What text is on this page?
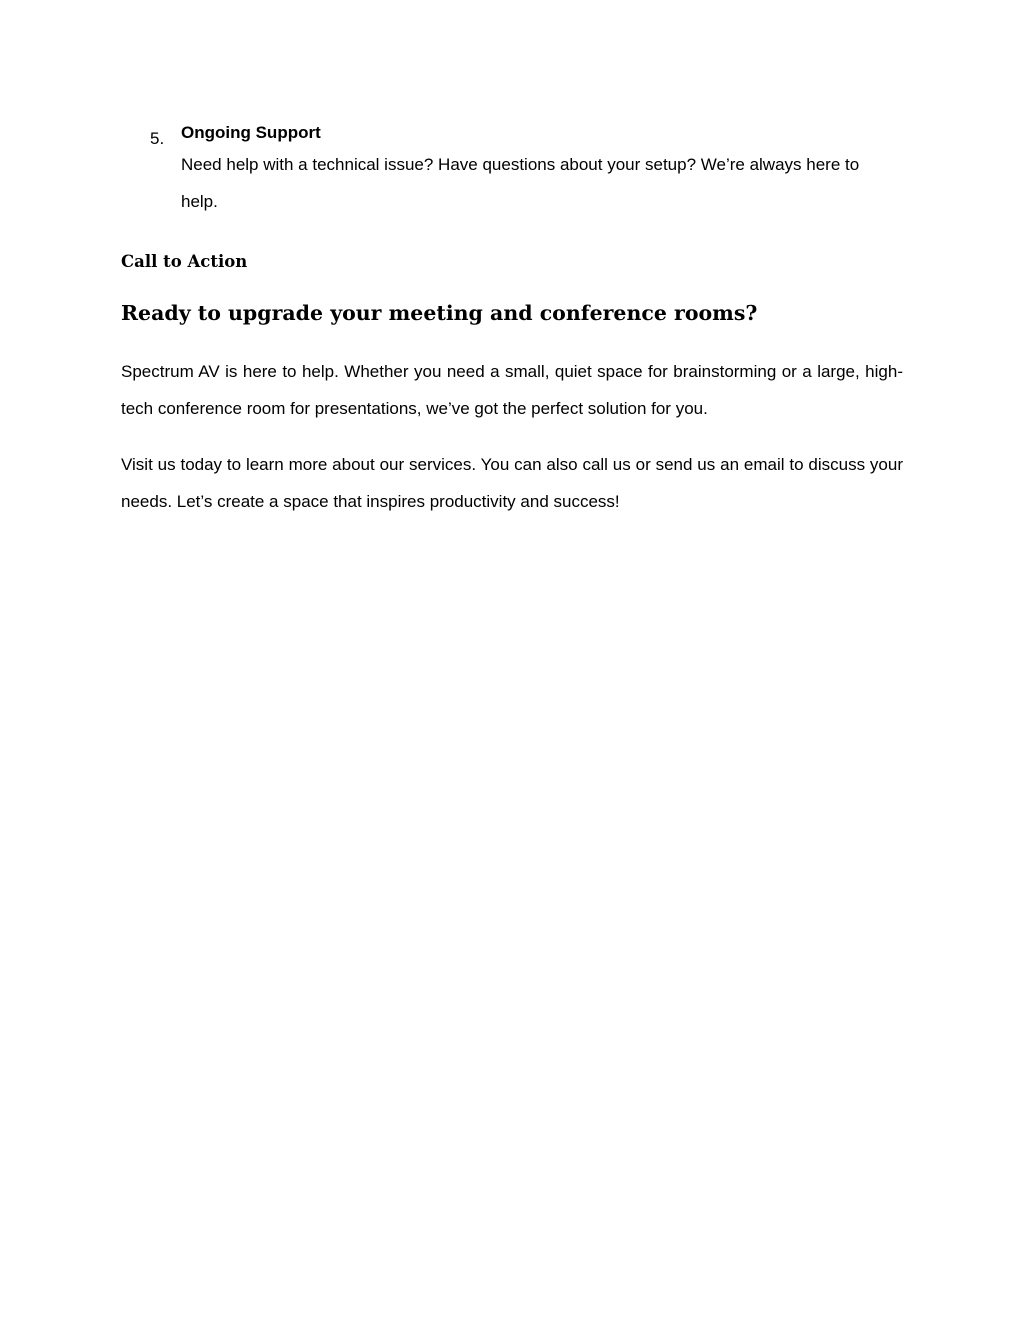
5. Ongoing Support
Need help with a technical issue? Have questions about your setup? We’re always here to help.
Call to Action
Ready to upgrade your meeting and conference rooms?

Spectrum AV is here to help. Whether you need a small, quiet space for brainstorming or a large, high-tech conference room for presentations, we’ve got the perfect solution for you.

Visit us today to learn more about our services. You can also call us or send us an email to discuss your needs. Let’s create a space that inspires productivity and success!
